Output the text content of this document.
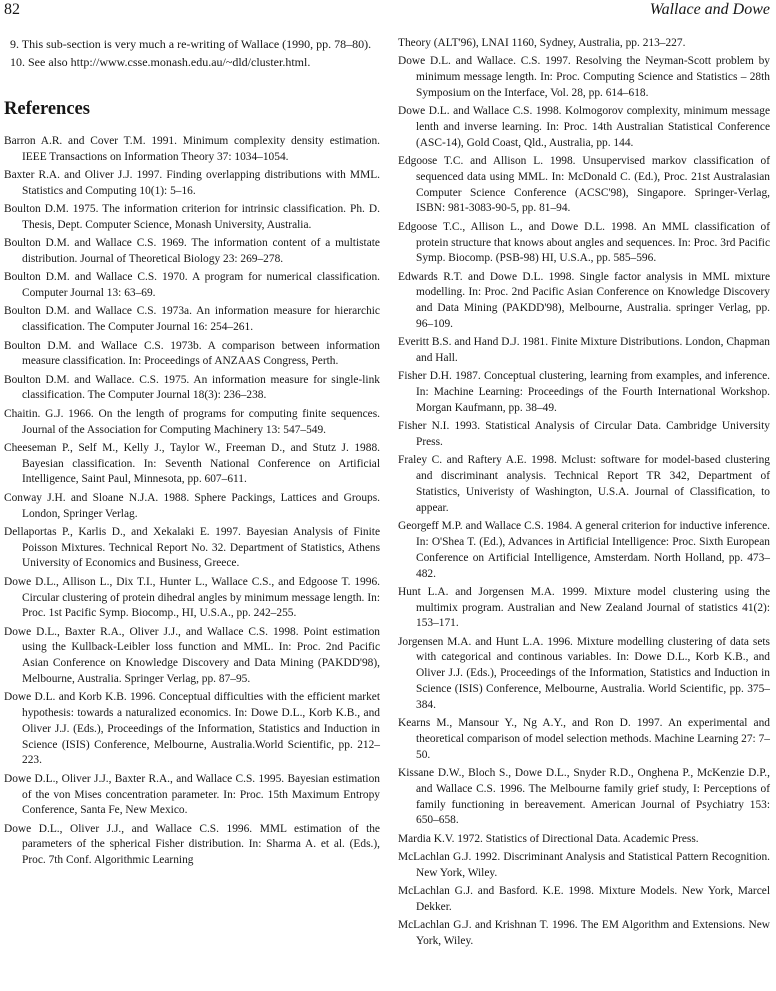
82	Wallace and Dowe

9. This sub-section is very much a re-writing of Wallace (1990, pp. 78–80).

10. See also http://www.csse.monash.edu.au/~dld/cluster.html.

References

Barron A.R. and Cover T.M. 1991. Minimum complexity density estimation. IEEE Transactions on Information Theory 37: 1034–1054.

Baxter R.A. and Oliver J.J. 1997. Finding overlapping distributions with MML. Statistics and Computing 10(1): 5–16.

Boulton D.M. 1975. The information criterion for intrinsic classification. Ph. D. Thesis, Dept. Computer Science, Monash University, Australia.

Boulton D.M. and Wallace C.S. 1969. The information content of a multistate distribution. Journal of Theoretical Biology 23: 269–278.

Boulton D.M. and Wallace C.S. 1970. A program for numerical classification. Computer Journal 13: 63–69.

Boulton D.M. and Wallace C.S. 1973a. An information measure for hierarchic classification. The Computer Journal 16: 254–261.

Boulton D.M. and Wallace C.S. 1973b. A comparison between information measure classification. In: Proceedings of ANZAAS Congress, Perth.

Boulton D.M. and Wallace. C.S. 1975. An information measure for single-link classification. The Computer Journal 18(3): 236–238.

Chaitin. G.J. 1966. On the length of programs for computing finite sequences. Journal of the Association for Computing Machinery 13: 547–549.

Cheeseman P., Self M., Kelly J., Taylor W., Freeman D., and Stutz J. 1988. Bayesian classification. In: Seventh National Conference on Artificial Intelligence, Saint Paul, Minnesota, pp. 607–611.

Conway J.H. and Sloane N.J.A. 1988. Sphere Packings, Lattices and Groups. London, Springer Verlag.

Dellaportas P., Karlis D., and Xekalaki E. 1997. Bayesian Analysis of Finite Poisson Mixtures. Technical Report No. 32. Department of Statistics, Athens University of Economics and Business, Greece.

Dowe D.L., Allison L., Dix T.I., Hunter L., Wallace C.S., and Edgoose T. 1996. Circular clustering of protein dihedral angles by minimum message length. In: Proc. 1st Pacific Symp. Biocomp., HI, U.S.A., pp. 242–255.

Dowe D.L., Baxter R.A., Oliver J.J., and Wallace C.S. 1998. Point estimation using the Kullback-Leibler loss function and MML. In: Proc. 2nd Pacific Asian Conference on Knowledge Discovery and Data Mining (PAKDD'98), Melbourne, Australia. Springer Verlag, pp. 87–95.

Dowe D.L. and Korb K.B. 1996. Conceptual difficulties with the efficient market hypothesis: towards a naturalized economics. In: Dowe D.L., Korb K.B., and Oliver J.J. (Eds.), Proceedings of the Information, Statistics and Induction in Science (ISIS) Conference, Melbourne, Australia.World Scientific, pp. 212–223.

Dowe D.L., Oliver J.J., Baxter R.A., and Wallace C.S. 1995. Bayesian estimation of the von Mises concentration parameter. In: Proc. 15th Maximum Entropy Conference, Santa Fe, New Mexico.

Dowe D.L., Oliver J.J., and Wallace C.S. 1996. MML estimation of the parameters of the spherical Fisher distribution. In: Sharma A. et al. (Eds.), Proc. 7th Conf. Algorithmic Learning

Theory (ALT'96), LNAI 1160, Sydney, Australia, pp. 213–227.

Dowe D.L. and Wallace. C.S. 1997. Resolving the Neyman-Scott problem by minimum message length. In: Proc. Computing Science and Statistics – 28th Symposium on the Interface, Vol. 28, pp. 614–618.

Dowe D.L. and Wallace C.S. 1998. Kolmogorov complexity, minimum message lenth and inverse learning. In: Proc. 14th Australian Statistical Conference (ASC-14), Gold Coast, Qld., Australia, pp. 144.

Edgoose T.C. and Allison L. 1998. Unsupervised markov classification of sequenced data using MML. In: McDonald C. (Ed.), Proc. 21st Australasian Computer Science Conference (ACSC'98), Singapore. Springer-Verlag, ISBN: 981-3083-90-5, pp. 81–94.

Edgoose T.C., Allison L., and Dowe D.L. 1998. An MML classification of protein structure that knows about angles and sequences. In: Proc. 3rd Pacific Symp. Biocomp. (PSB-98) HI, U.S.A., pp. 585–596.

Edwards R.T. and Dowe D.L. 1998. Single factor analysis in MML mixture modelling. In: Proc. 2nd Pacific Asian Conference on Knowledge Discovery and Data Mining (PAKDD'98), Melbourne, Australia. springer Verlag, pp. 96–109.

Everitt B.S. and Hand D.J. 1981. Finite Mixture Distributions. London, Chapman and Hall.

Fisher D.H. 1987. Conceptual clustering, learning from examples, and inference. In: Machine Learning: Proceedings of the Fourth International Workshop. Morgan Kaufmann, pp. 38–49.

Fisher N.I. 1993. Statistical Analysis of Circular Data. Cambridge University Press.

Fraley C. and Raftery A.E. 1998. Mclust: software for model-based clustering and discriminant analysis. Technical Report TR 342, Department of Statistics, Univeristy of Washington, U.S.A. Journal of Classification, to appear.

Georgeff M.P. and Wallace C.S. 1984. A general criterion for inductive inference. In: O'Shea T. (Ed.), Advances in Artificial Intelligence: Proc. Sixth European Conference on Artificial Intelligence, Amsterdam. North Holland, pp. 473–482.

Hunt L.A. and Jorgensen M.A. 1999. Mixture model clustering using the multimix program. Australian and New Zealand Journal of statistics 41(2): 153–171.

Jorgensen M.A. and Hunt L.A. 1996. Mixture modelling clustering of data sets with categorical and continous variables. In: Dowe D.L., Korb K.B., and Oliver J.J. (Eds.), Proceedings of the Information, Statistics and Induction in Science (ISIS) Conference, Melbourne, Australia. World Scientific, pp. 375–384.

Kearns M., Mansour Y., Ng A.Y., and Ron D. 1997. An experimental and theoretical comparison of model selection methods. Machine Learning 27: 7–50.

Kissane D.W., Bloch S., Dowe D.L., Snyder R.D., Onghena P., McKenzie D.P., and Wallace C.S. 1996. The Melbourne family grief study, I: Perceptions of family functioning in bereavement. American Journal of Psychiatry 153: 650–658.

Mardia K.V. 1972. Statistics of Directional Data. Academic Press.

McLachlan G.J. 1992. Discriminant Analysis and Statistical Pattern Recognition. New York, Wiley.

McLachlan G.J. and Basford. K.E. 1998. Mixture Models. New York, Marcel Dekker.

McLachlan G.J. and Krishnan T. 1996. The EM Algorithm and Extensions. New York, Wiley.
